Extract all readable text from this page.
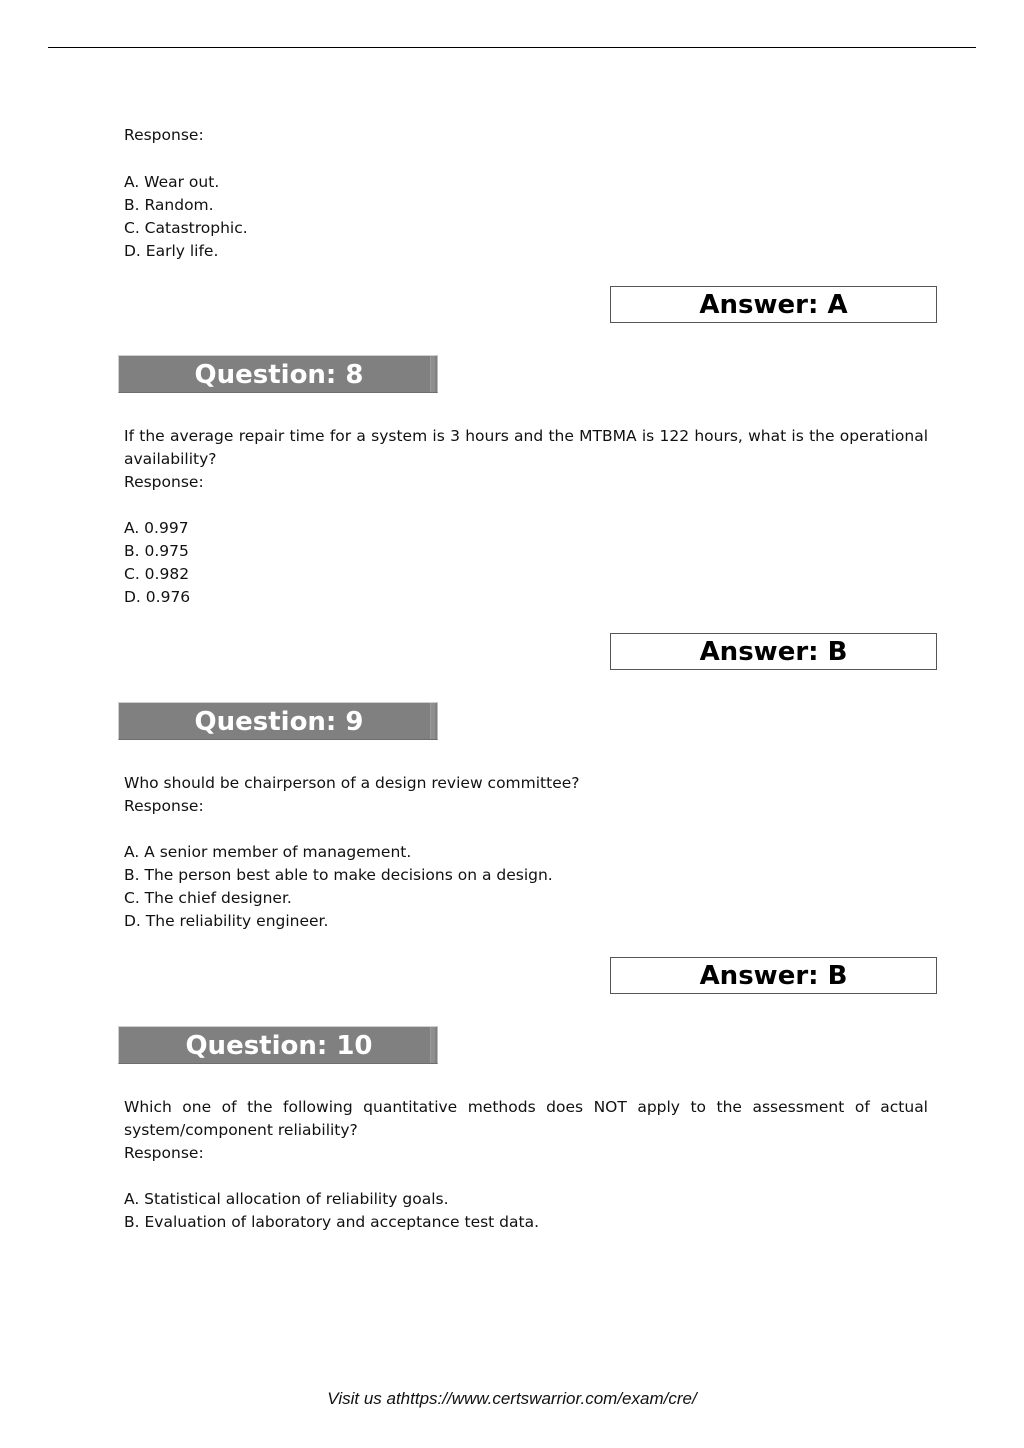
Response:
A. Wear out.
B. Random.
C. Catastrophic.
D. Early life.
Answer: A
Question: 8
If the average repair time for a system is 3 hours and the MTBMA is 122 hours, what is the operational
availability?
Response:
A. 0.997
B. 0.975
C. 0.982
D. 0.976
Answer: B
Question: 9
Who should be chairperson of a design review committee?
Response:
A. A senior member of management.
B. The person best able to make decisions on a design.
C. The chief designer.
D. The reliability engineer.
Answer: B
Question: 10
Which one of the following quantitative methods does NOT apply to the assessment of actual
system/component reliability?
Response:
A. Statistical allocation of reliability goals.
B. Evaluation of laboratory and acceptance test data.
Visit us athttps://www.certswarrior.com/exam/cre/
